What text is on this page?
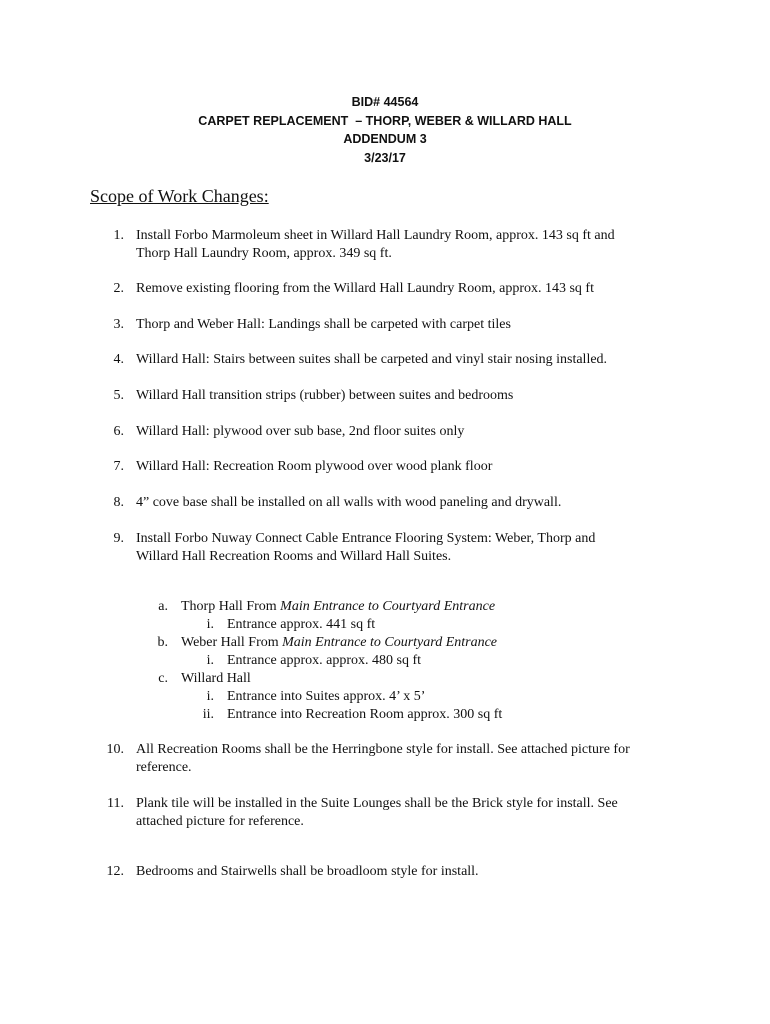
BID# 44564
CARPET REPLACEMENT  – THORP, WEBER & WILLARD HALL
ADDENDUM 3
3/23/17
Scope of Work Changes:
1. Install Forbo Marmoleum sheet in Willard Hall Laundry Room, approx. 143 sq ft and
Thorp Hall Laundry Room, approx. 349 sq ft.
2. Remove existing flooring from the Willard Hall Laundry Room, approx. 143 sq ft
3. Thorp and Weber Hall: Landings shall be carpeted with carpet tiles
4. Willard Hall: Stairs between suites shall be carpeted and vinyl stair nosing installed.
5. Willard Hall transition strips (rubber) between suites and bedrooms
6. Willard Hall: plywood over sub base, 2nd floor suites only
7. Willard Hall: Recreation Room plywood over wood plank floor
8. 4” cove base shall be installed on all walls with wood paneling and drywall.
9. Install Forbo Nuway Connect Cable Entrance Flooring System: Weber, Thorp and
Willard Hall Recreation Rooms and Willard Hall Suites.
a. Thorp Hall From Main Entrance to Courtyard Entrance
i. Entrance approx. 441 sq ft
b. Weber Hall From Main Entrance to Courtyard Entrance
i. Entrance approx. approx. 480 sq ft
c. Willard Hall
i. Entrance into Suites approx. 4’ x 5’
ii. Entrance into Recreation Room approx. 300 sq ft
10. All Recreation Rooms shall be the Herringbone style for install. See attached picture for
reference.
11. Plank tile will be installed in the Suite Lounges shall be the Brick style for install. See
attached picture for reference.
12. Bedrooms and Stairwells shall be broadloom style for install.
